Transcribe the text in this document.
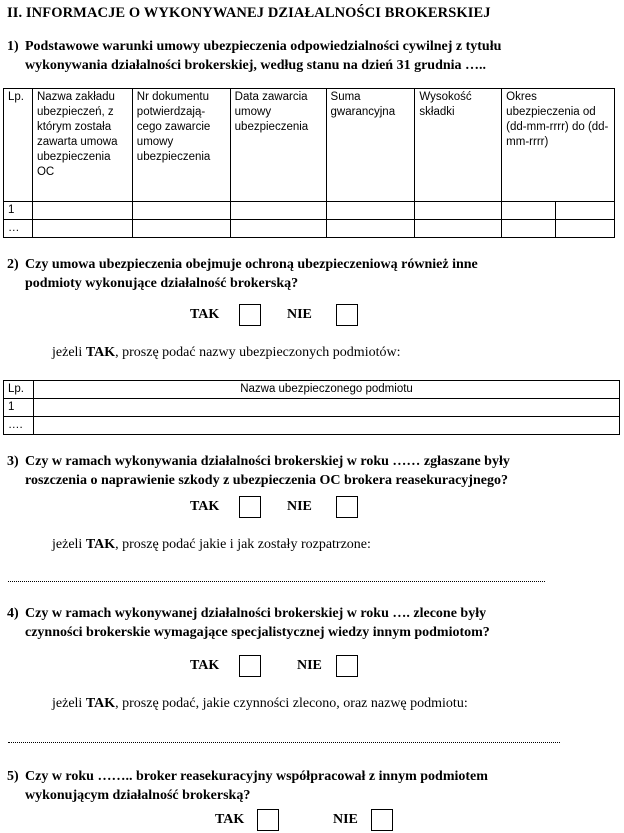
II. INFORMACJE O WYKONYWANEJ DZIAŁALNOŚCI BROKERSKIEJ
1) Podstawowe warunki umowy ubezpieczenia odpowiedzialności cywilnej z tytułu
wykonywania działalności brokerskiej, według stanu na dzień 31 grudnia …..
Lp.	Nazwa zakładu ubezpieczeń, z którym została zawarta umowa ubezpieczenia OC	Nr dokumentu potwierdzają-cego zawarcie umowy ubezpieczenia	Data zawarcia umowy ubezpieczenia	Suma gwarancyjna	Wysokość składki	Okres ubezpieczenia od (dd-mm-rrrr) do (dd-mm-rrrr)	
1							
…							
2) Czy umowa ubezpieczenia obejmuje ochroną ubezpieczeniową również inne
podmioty wykonujące działalność brokerską?
TAK	NIE
jeżeli TAK, proszę podać nazwy ubezpieczonych podmiotów:
Lp.	Nazwa ubezpieczonego podmiotu
1	
….	
3) Czy w ramach wykonywania działalności brokerskiej w roku …… zgłaszane były
roszczenia o naprawienie szkody z ubezpieczenia OC brokera reasekuracyjnego?
TAK	NIE
jeżeli TAK, proszę podać jakie i jak zostały rozpatrzone:
4) Czy w ramach wykonywanej działalności brokerskiej w roku …. zlecone były
czynności brokerskie wymagające specjalistycznej wiedzy innym podmiotom?
TAK	NIE
jeżeli TAK, proszę podać, jakie czynności zlecono, oraz nazwę podmiotu:
5) Czy w roku …….. broker reasekuracyjny współpracował z innym podmiotem
wykonującym działalność brokerską?
TAK	NIE
